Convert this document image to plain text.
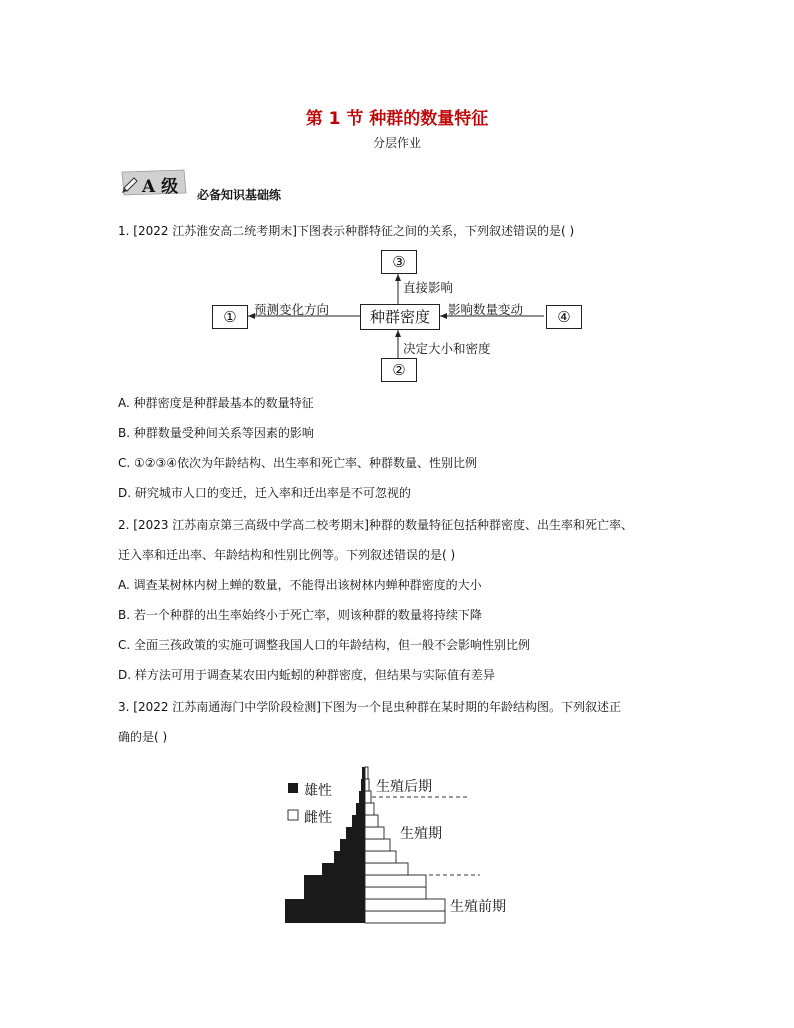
第 1 节 种群的数量特征
分层作业
A 级 必备知识基础练
1. [2022 江苏淮安高二统考期末]下图表示种群特征之间的关系，下列叙述错误的是( )
①	种群密度	④
③
②
预测变化方向	影响数量变动
直接影响
决定大小和密度
A. 种群密度是种群最基本的数量特征
B. 种群数量受种间关系等因素的影响
C. ①②③④依次为年龄结构、出生率和死亡率、种群数量、性别比例
D. 研究城市人口的变迁，迁入率和迁出率是不可忽视的
2. [2023 江苏南京第三高级中学高二校考期末]种群的数量特征包括种群密度、出生率和死亡率、
迁入率和迁出率、年龄结构和性别比例等。下列叙述错误的是( )
A. 调查某树林内树上蝉的数量，不能得出该树林内蝉种群密度的大小
B. 若一个种群的出生率始终小于死亡率，则该种群的数量将持续下降
C. 全面三孩政策的实施可调整我国人口的年龄结构，但一般不会影响性别比例
D. 样方法可用于调查某农田内蚯蚓的种群密度，但结果与实际值有差异
3. [2022 江苏南通海门中学阶段检测]下图为一个昆虫种群在某时期的年龄结构图。下列叙述正
确的是( )
雄性
雌性
生殖后期
生殖期
生殖前期
